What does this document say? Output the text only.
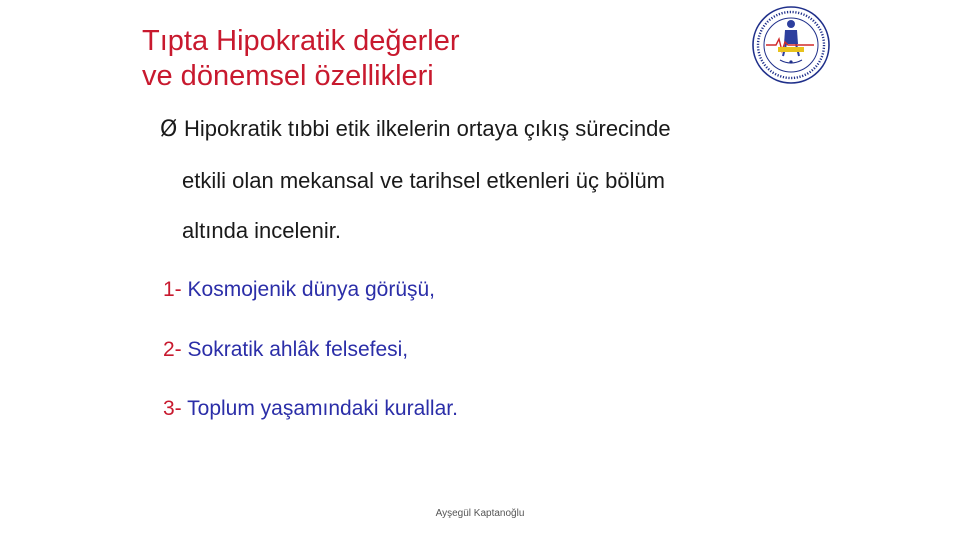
Tıpta Hipokratik değerler
ve dönemsel özellikleri
Ø Hipokratik tıbbi etik ilkelerin ortaya çıkış sürecinde
etkili olan mekansal ve tarihsel etkenleri üç bölüm
altında incelenir.
1- Kosmojenik dünya görüşü,
2- Sokratik ahlâk felsefesi,
3- Toplum yaşamındaki kurallar.
Ayşegül Kaptanoğlu
